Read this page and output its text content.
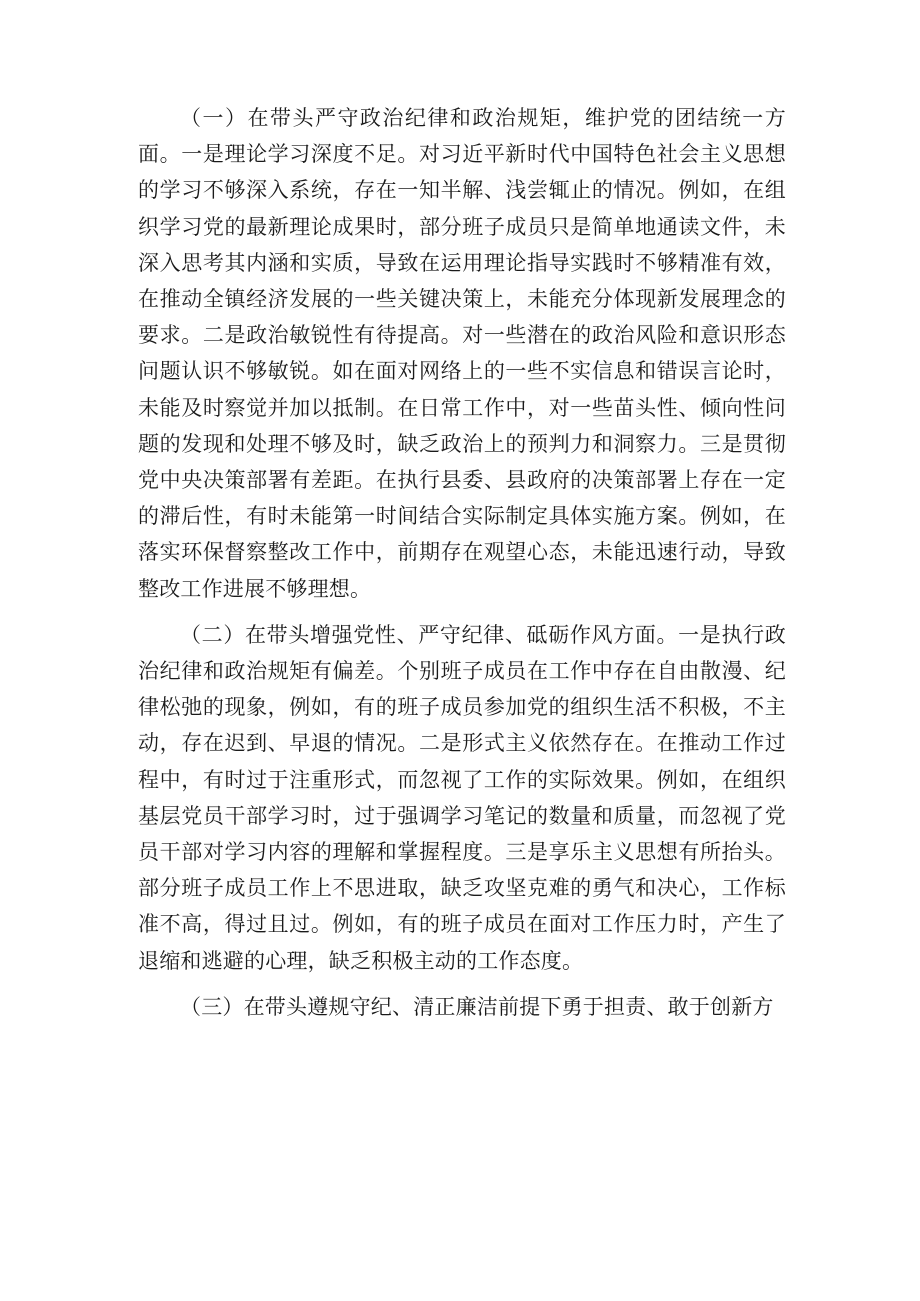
（一）在带头严守政治纪律和政治规矩，维护党的团结统一方面。一是理论学习深度不足。对习近平新时代中国特色社会主义思想的学习不够深入系统，存在一知半解、浅尝辄止的情况。例如，在组织学习党的最新理论成果时，部分班子成员只是简单地通读文件，未深入思考其内涵和实质，导致在运用理论指导实践时不够精准有效，在推动全镇经济发展的一些关键决策上，未能充分体现新发展理念的要求。二是政治敏锐性有待提高。对一些潜在的政治风险和意识形态问题认识不够敏锐。如在面对网络上的一些不实信息和错误言论时，未能及时察觉并加以抵制。在日常工作中，对一些苗头性、倾向性问题的发现和处理不够及时，缺乏政治上的预判力和洞察力。三是贯彻党中央决策部署有差距。在执行县委、县政府的决策部署上存在一定的滞后性，有时未能第一时间结合实际制定具体实施方案。例如，在落实环保督察整改工作中，前期存在观望心态，未能迅速行动，导致整改工作进展不够理想。

（二）在带头增强党性、严守纪律、砥砺作风方面。一是执行政治纪律和政治规矩有偏差。个别班子成员在工作中存在自由散漫、纪律松弛的现象，例如，有的班子成员参加党的组织生活不积极，不主动，存在迟到、早退的情况。二是形式主义依然存在。在推动工作过程中，有时过于注重形式，而忽视了工作的实际效果。例如，在组织基层党员干部学习时，过于强调学习笔记的数量和质量，而忽视了党员干部对学习内容的理解和掌握程度。三是享乐主义思想有所抬头。部分班子成员工作上不思进取，缺乏攻坚克难的勇气和决心，工作标准不高，得过且过。例如，有的班子成员在面对工作压力时，产生了退缩和逃避的心理，缺乏积极主动的工作态度。

（三）在带头遵规守纪、清正廉洁前提下勇于担责、敢于创新方
